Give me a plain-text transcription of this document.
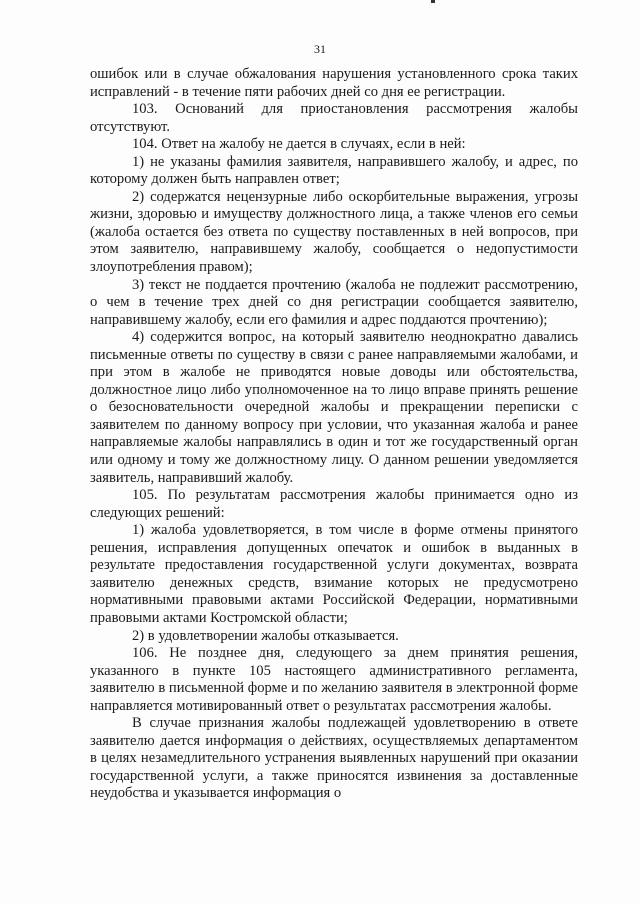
31

ошибок или в случае обжалования нарушения установленного срока таких исправлений - в течение пяти рабочих дней со дня ее регистрации.

103. Оснований для приостановления рассмотрения жалобы отсутствуют.

104. Ответ на жалобу не дается в случаях, если в ней:

1) не указаны фамилия заявителя, направившего жалобу, и адрес, по которому должен быть направлен ответ;

2) содержатся нецензурные либо оскорбительные выражения, угрозы жизни, здоровью и имуществу должностного лица, а также членов его семьи (жалоба остается без ответа по существу поставленных в ней вопросов, при этом заявителю, направившему жалобу, сообщается о недопустимости злоупотребления правом);

3) текст не поддается прочтению (жалоба не подлежит рассмотрению, о чем в течение трех дней со дня регистрации сообщается заявителю, направившему жалобу, если его фамилия и адрес поддаются прочтению);

4) содержится вопрос, на который заявителю неоднократно давались письменные ответы по существу в связи с ранее направляемыми жалобами, и при этом в жалобе не приводятся новые доводы или обстоятельства, должностное лицо либо уполномоченное на то лицо вправе принять решение о безосновательности очередной жалобы и прекращении переписки с заявителем по данному вопросу при условии, что указанная жалоба и ранее направляемые жалобы направлялись в один и тот же государственный орган или одному и тому же должностному лицу. О данном решении уведомляется заявитель, направивший жалобу.

105. По результатам рассмотрения жалобы принимается одно из следующих решений:

1) жалоба удовлетворяется, в том числе в форме отмены принятого решения, исправления допущенных опечаток и ошибок в выданных в результате предоставления государственной услуги документах, возврата заявителю денежных средств, взимание которых не предусмотрено нормативными правовыми актами Российской Федерации, нормативными правовыми актами Костромской области;

2) в удовлетворении жалобы отказывается.

106. Не позднее дня, следующего за днем принятия решения, указанного в пункте 105 настоящего административного регламента, заявителю в письменной форме и по желанию заявителя в электронной форме направляется мотивированный ответ о результатах рассмотрения жалобы.

В случае признания жалобы подлежащей удовлетворению в ответе заявителю дается информация о действиях, осуществляемых департаментом в целях незамедлительного устранения выявленных нарушений при оказании государственной услуги, а также приносятся извинения за доставленные неудобства и указывается информация о
